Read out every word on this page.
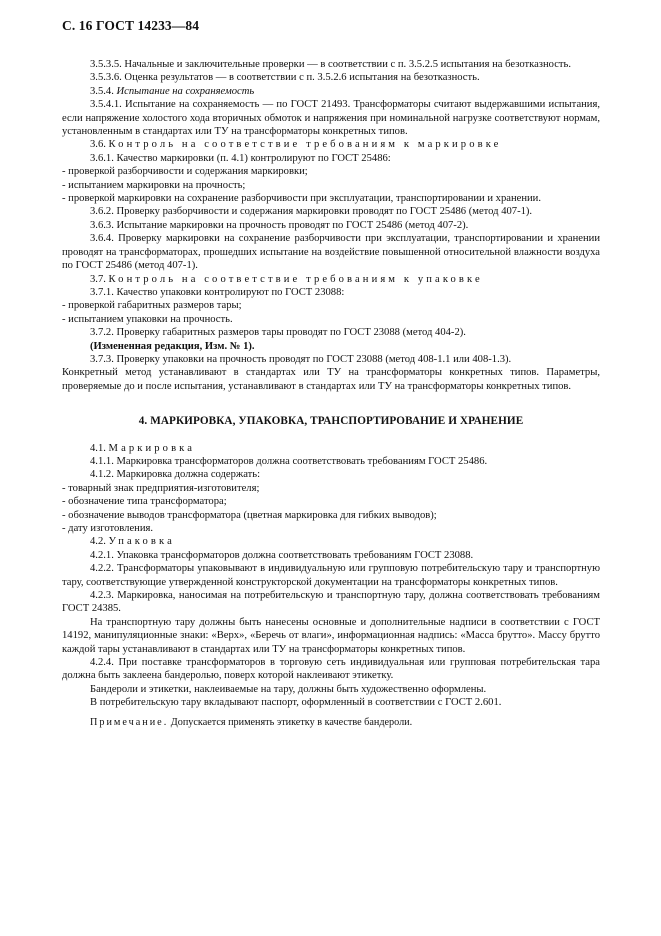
С. 16 ГОСТ 14233—84

3.5.3.5. Начальные и заключительные проверки — в соответствии с п. 3.5.2.5 испытания на безотказность.

3.5.3.6. Оценка результатов — в соответствии с п. 3.5.2.6 испытания на безотказность.

3.5.4. Испытание на сохраняемость

3.5.4.1. Испытание на сохраняемость — по ГОСТ 21493. Трансформаторы считают выдержавшими испытания, если напряжение холостого хода вторичных обмоток и напряжения при номинальной нагрузке соответствуют нормам, установленным в стандартах или ТУ на трансформаторы конкретных типов.

3.6. Контроль на соответствие требованиям к маркировке

3.6.1. Качество маркировки (п. 4.1) контролируют по ГОСТ 25486:

- проверкой разборчивости и содержания маркировки;

- испытанием маркировки на прочность;

- проверкой маркировки на сохранение разборчивости при эксплуатации, транспортировании и хранении.

3.6.2. Проверку разборчивости и содержания маркировки проводят по ГОСТ 25486 (метод 407-1).

3.6.3. Испытание маркировки на прочность проводят по ГОСТ 25486 (метод 407-2).

3.6.4. Проверку маркировки на сохранение разборчивости при эксплуатации, транспортировании и хранении проводят на трансформаторах, прошедших испытание на воздействие повышенной относительной влажности воздуха по ГОСТ 25486 (метод 407-1).

3.7. Контроль на соответствие требованиям к упаковке

3.7.1. Качество упаковки контролируют по ГОСТ 23088:

- проверкой габаритных размеров тары;

- испытанием упаковки на прочность.

3.7.2. Проверку габаритных размеров тары проводят по ГОСТ 23088 (метод 404-2).

(Измененная редакция, Изм. № 1).

3.7.3. Проверку упаковки на прочность проводят по ГОСТ 23088 (метод 408-1.1 или 408-1.3).

Конкретный метод устанавливают в стандартах или ТУ на трансформаторы конкретных типов. Параметры, проверяемые до и после испытания, устанавливают в стандартах или ТУ на трансформаторы конкретных типов.

4. МАРКИРОВКА, УПАКОВКА, ТРАНСПОРТИРОВАНИЕ И ХРАНЕНИЕ

4.1. Маркировка

4.1.1. Маркировка трансформаторов должна соответствовать требованиям ГОСТ 25486.

4.1.2. Маркировка должна содержать:

- товарный знак предприятия-изготовителя;

- обозначение типа трансформатора;

- обозначение выводов трансформатора (цветная маркировка для гибких выводов);

- дату изготовления.

4.2. Упаковка

4.2.1. Упаковка трансформаторов должна соответствовать требованиям ГОСТ 23088.

4.2.2. Трансформаторы упаковывают в индивидуальную или групповую потребительскую тару и транспортную тару, соответствующие утвержденной конструкторской документации на трансформаторы конкретных типов.

4.2.3. Маркировка, наносимая на потребительскую и транспортную тару, должна соответствовать требованиям ГОСТ 24385.

На транспортную тару должны быть нанесены основные и дополнительные надписи в соответствии с ГОСТ 14192, манипуляционные знаки: «Верх», «Беречь от влаги», информационная надпись: «Масса брутто». Массу брутто каждой тары устанавливают в стандартах или ТУ на трансформаторы конкретных типов.

4.2.4. При поставке трансформаторов в торговую сеть индивидуальная или групповая потребительская тара должна быть заклеена бандеролью, поверх которой наклеивают этикетку.

Бандероли и этикетки, наклеиваемые на тару, должны быть художественно оформлены.

В потребительскую тару вкладывают паспорт, оформленный в соответствии с ГОСТ 2.601.

Примечание. Допускается применять этикетку в качестве бандероли.
